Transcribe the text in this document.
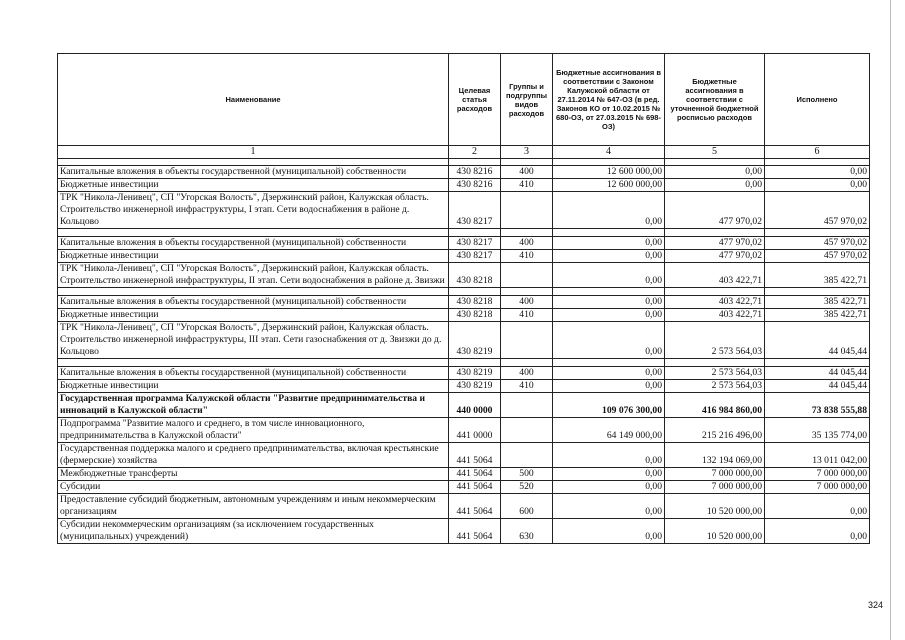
Наименование	Целевая статья расходов	Группы и подгруппы видов расходов	Бюджетные ассигнования в соответствии с Законом Калужской области от 27.11.2014 № 647-ОЗ (в ред. Законов КО от 10.02.2015 № 680-ОЗ, от 27.03.2015 № 698-ОЗ)	Бюджетные ассигнования в соответствии с уточненной бюджетной росписью расходов	Исполнено
1	2	3	4	5	6

Капитальные вложения в объекты государственной (муниципальной) собственности	430 8216	400	12 600 000,00	0,00	0,00
Бюджетные инвестиции	430 8216	410	12 600 000,00	0,00	0,00
ТРК "Никола-Ленивец", СП "Угорская Волость", Дзержинский район, Калужская область. Строительство инженерной инфраструктуры, I этап. Сети водоснабжения в районе д. Кольцово	430 8217		0,00	477 970,02	457 970,02

Капитальные вложения в объекты государственной (муниципальной) собственности	430 8217	400	0,00	477 970,02	457 970,02
Бюджетные инвестиции	430 8217	410	0,00	477 970,02	457 970,02
ТРК "Никола-Ленивец", СП "Угорская Волость", Дзержинский район, Калужская область. Строительство инженерной инфраструктуры, II этап. Сети водоснабжения в районе д. Звизжи	430 8218		0,00	403 422,71	385 422,71

Капитальные вложения в объекты государственной (муниципальной) собственности	430 8218	400	0,00	403 422,71	385 422,71
Бюджетные инвестиции	430 8218	410	0,00	403 422,71	385 422,71
ТРК "Никола-Ленивец", СП "Угорская Волость", Дзержинский район, Калужская область. Строительство инженерной инфраструктуры, III этап. Сети газоснабжения от д. Звизжи до д. Кольцово	430 8219		0,00	2 573 564,03	44 045,44

Капитальные вложения в объекты государственной (муниципальной) собственности	430 8219	400	0,00	2 573 564,03	44 045,44
Бюджетные инвестиции	430 8219	410	0,00	2 573 564,03	44 045,44
Государственная программа Калужской области "Развитие предпринимательства и инноваций в Калужской области"	440 0000		109 076 300,00	416 984 860,00	73 838 555,88
Подпрограмма "Развитие малого и среднего, в том числе инновационного, предпринимательства в Калужской области"	441 0000		64 149 000,00	215 216 496,00	35 135 774,00
Государственная поддержка малого и среднего предпринимательства, включая крестьянские (фермерские) хозяйства	441 5064		0,00	132 194 069,00	13 011 042,00
Межбюджетные трансферты	441 5064	500	0,00	7 000 000,00	7 000 000,00
Субсидии	441 5064	520	0,00	7 000 000,00	7 000 000,00
Предоставление субсидий бюджетным, автономным учреждениям и иным некоммерческим организациям	441 5064	600	0,00	10 520 000,00	0,00
Субсидии некоммерческим организациям (за исключением государственных (муниципальных) учреждений)	441 5064	630	0,00	10 520 000,00	0,00
324
